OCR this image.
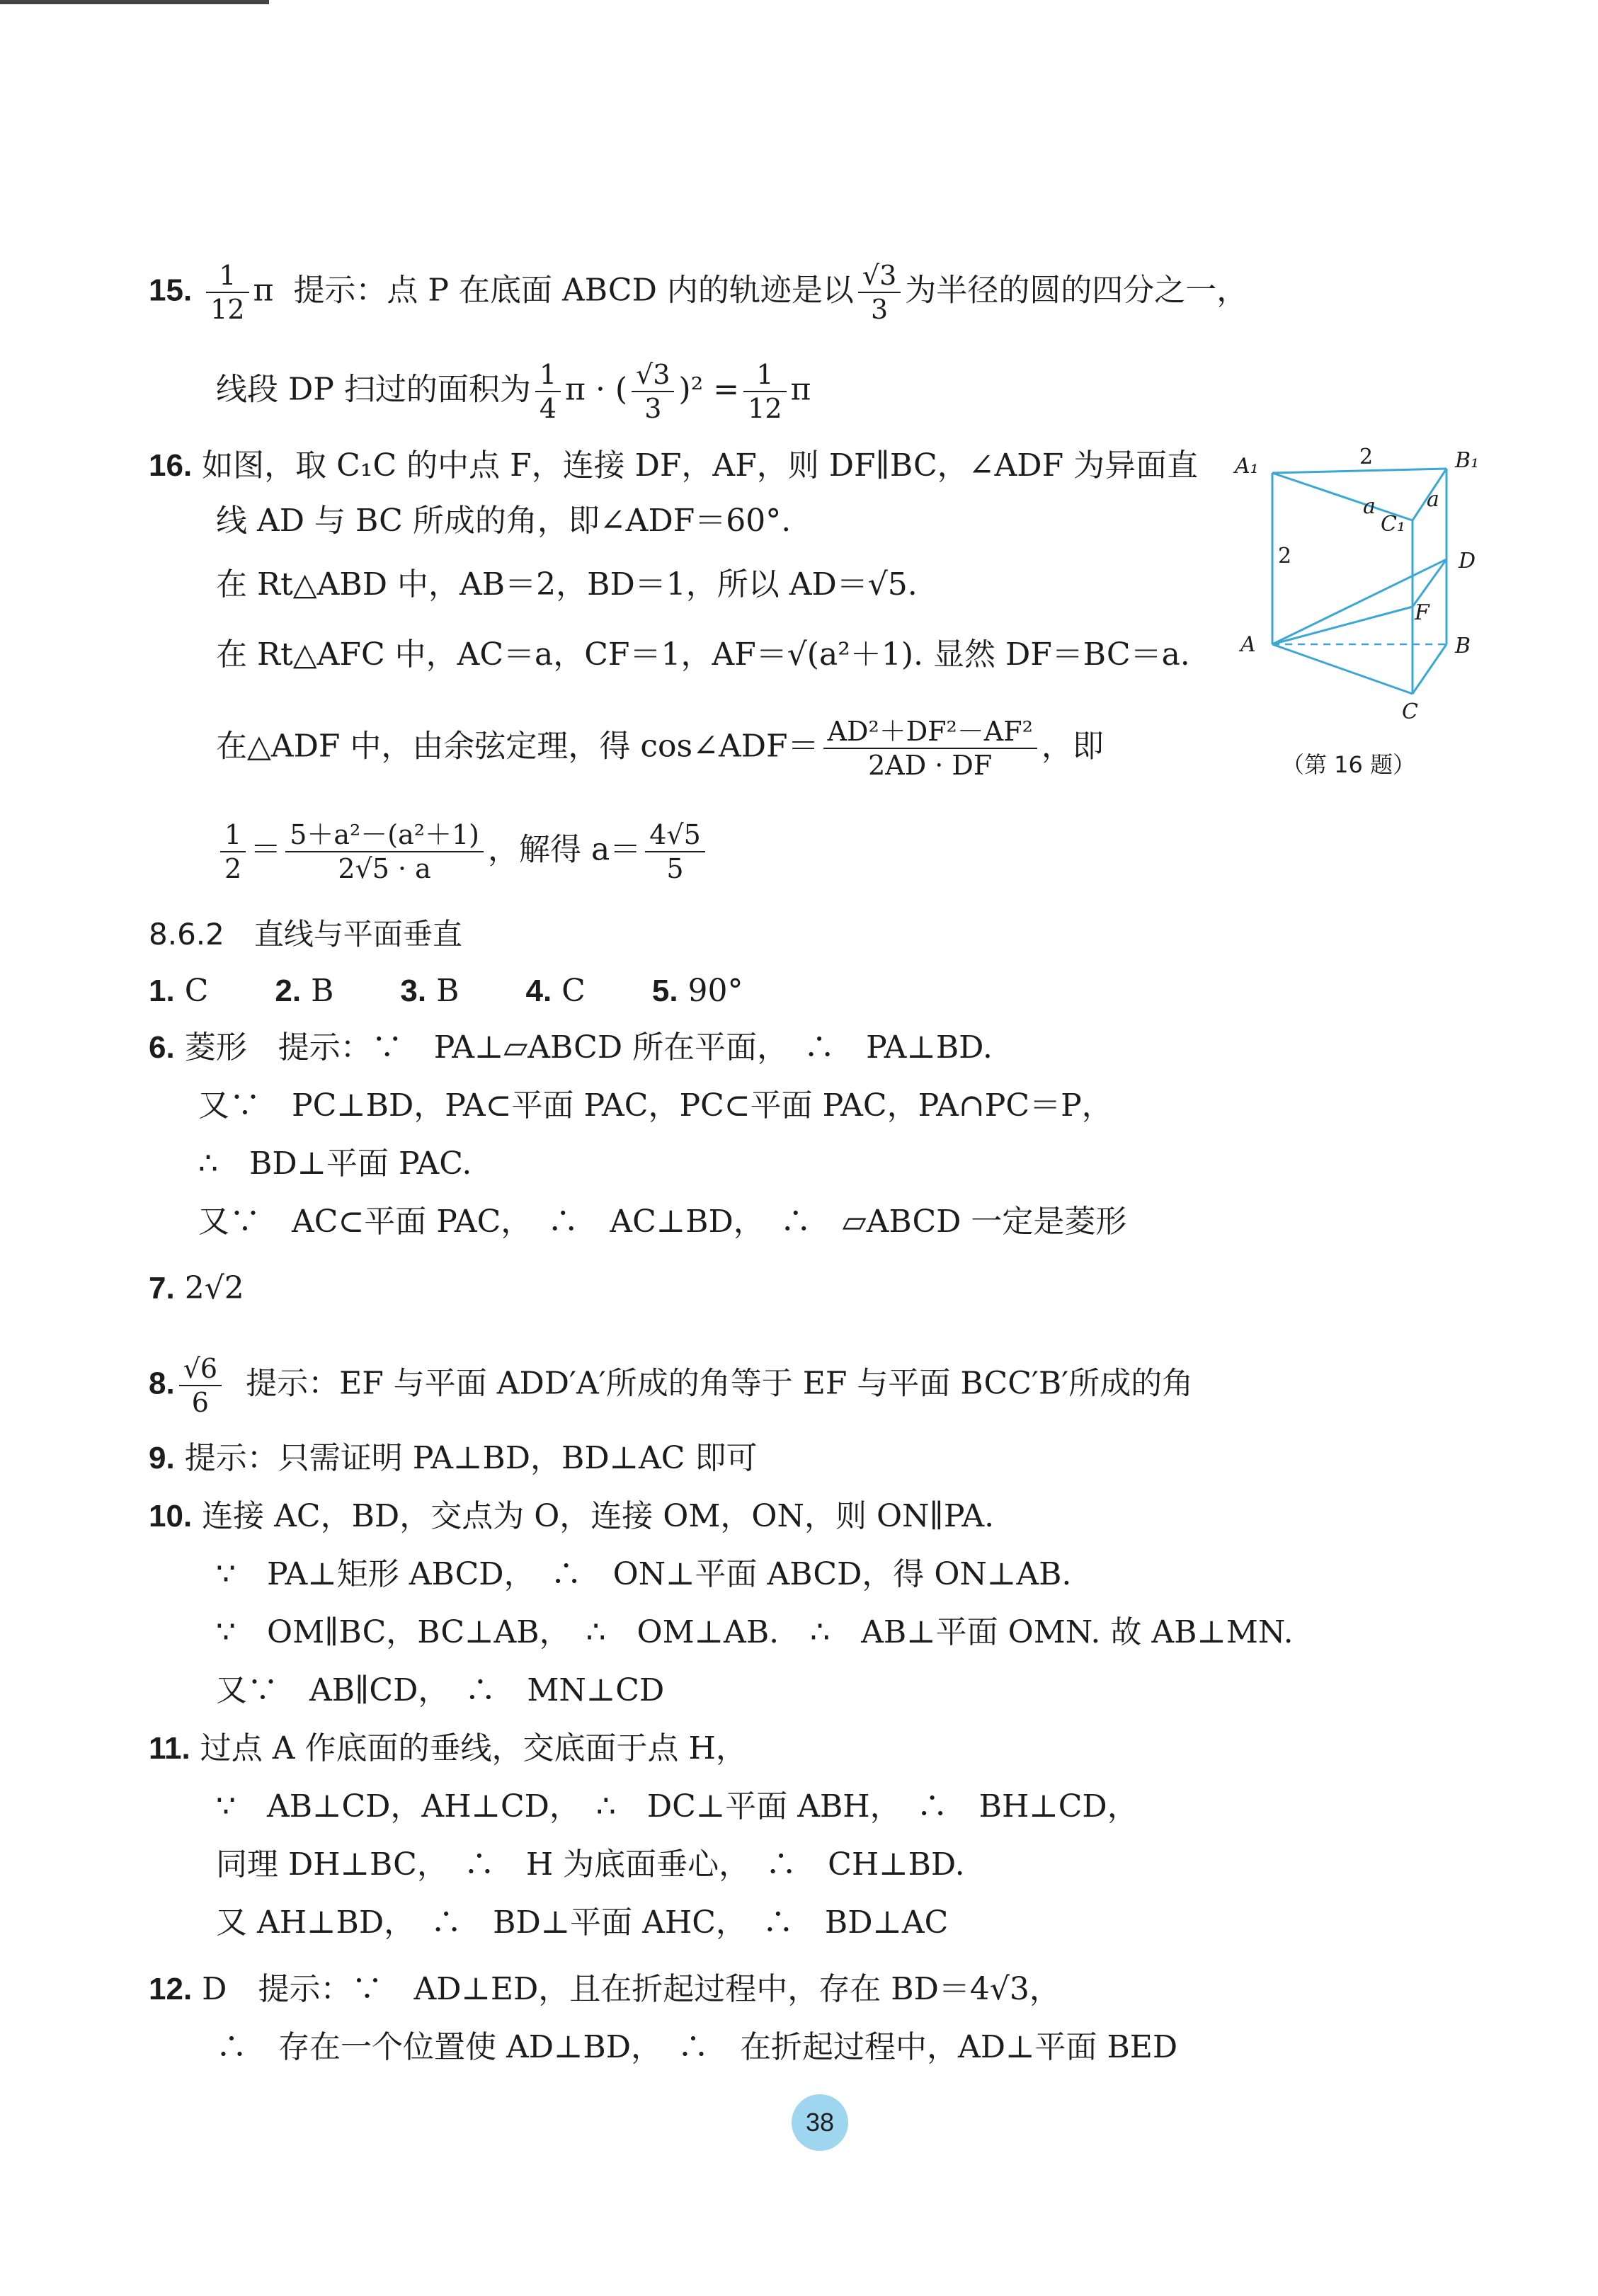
15. $\frac{1}{12}$ π 提示：点 P 在底面 ABCD 内的轨迹是以 $\frac{√3}{3}$ 为半径的圆的四分之一，
线段 DP 扫过的面积为 $\frac{1}{4}$ π · ( $\frac{√3}{3} )^2 = \frac{1}{12}$ π
16. 如图，取 C₁C 的中点 F，连接 DF，AF，则 DF∥BC，∠ADF 为异面直
线 AD 与 BC 所成的角，即∠ADF＝60°.
在 Rt△ABD 中，AB＝2，BD＝1，所以 AD＝√5.
在 Rt△AFC 中，AC＝a，CF＝1，AF＝√(a²＋1). 显然 DF＝BC＝a.
在△ADF 中，由余弦定理，得 cos∠ADF＝ $\frac{\text{AD²＋DF²－AF²}}{2AD \cdot DF}$ ，即
$\frac{1}{2} = \frac{\text{5＋a²－(a²＋1)}}{2√5 \cdot a}$ ，解得 $a= \frac{4√5}{5}$
A₁	B₁
C₁
A	B
C
D
F
a a
2
2
（第 16 题）
8.6.2　直线与平面垂直
1. C 2. B 3. B 4. C 5. 90°
6. 菱形　提示：∵　PA⊥▱ABCD 所在平面，　∴　PA⊥BD.
又∵　PC⊥BD，PA⊂平面 PAC，PC⊂平面 PAC，PA∩PC＝P，
∴　BD⊥平面 PAC.
又∵　AC⊂平面 PAC，　∴　AC⊥BD，　∴　▱ABCD 一定是菱形
7. 2√2
8. $\frac{√6}{6}$ 提示：EF 与平面 ADD′A′所成的角等于 EF 与平面 BCC′B′所成的角
9. 提示：只需证明 PA⊥BD，BD⊥AC 即可
10. 连接 AC，BD，交点为 O，连接 OM，ON，则 ON∥PA.
∵　PA⊥矩形 ABCD，　∴　ON⊥平面 ABCD，得 ON⊥AB.
∵　OM∥BC，BC⊥AB，　∴　OM⊥AB.　∴　AB⊥平面 OMN. 故 AB⊥MN.
又∵　AB∥CD，　∴　MN⊥CD
11. 过点 A 作底面的垂线，交底面于点 H，
∵　AB⊥CD，AH⊥CD，　∴　DC⊥平面 ABH，　∴　BH⊥CD，
同理 DH⊥BC，　∴　H 为底面垂心，　∴　CH⊥BD.
又 AH⊥BD，　∴　BD⊥平面 AHC，　∴　BD⊥AC
12. D　提示：∵　AD⊥ED，且在折起过程中，存在 BD＝4√3，
∴　存在一个位置使 AD⊥BD，　∴　在折起过程中，AD⊥平面 BED
38
